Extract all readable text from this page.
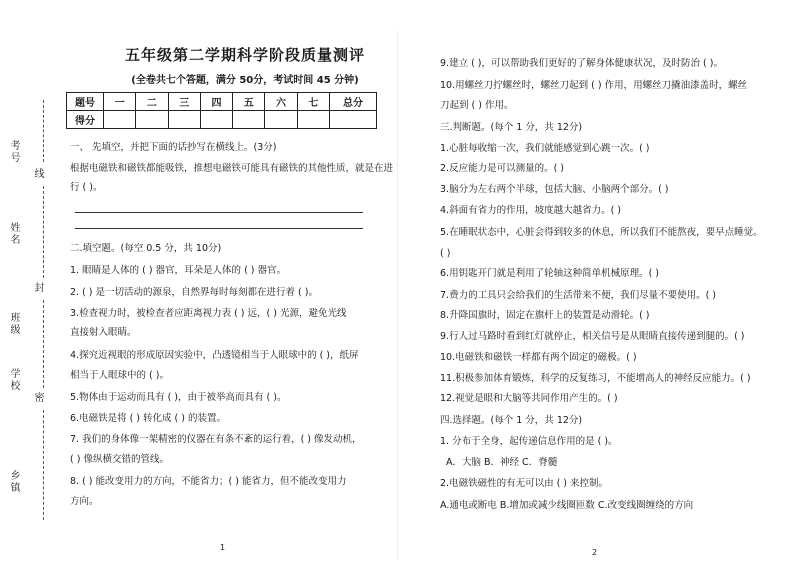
考号
线
姓名
封
班级
学校
密
乡镇
五年级第二学期科学阶段质量测评
(全卷共七个答题，满分 50分，考试时间 45 分钟)
题号	一	二	三	四	五	六	七	总分
得分								
一、 先填空，并把下面的话抄写在横线上。(3分)
根据电磁铁和磁铁都能吸铁，推想电磁铁可能具有磁铁的其他性质，就是在进
行 ( )。
二.填空题。(每空 0.5 分，共 10分)
1. 眼睛是人体的 ( ) 器官，耳朵是人体的 ( ) 器官。
2. ( ) 是一切活动的源泉，自然界每时每刻都在进行着 ( )。
3.检查视力时，被检查者应距离视力表 ( ) 远，( ) 光源，避免光线
直接射入眼睛。
4.探究近视眼的形成原因实验中，凸透镜相当于人眼球中的 ( )，纸屏
相当于人眼球中的 ( )。
5.物体由于运动而具有 ( )，由于被举高而具有 ( )。
6.电磁铁是将 ( ) 转化成 ( ) 的装置。
7. 我们的身体像一架精密的仪器在有条不紊的运行着，( ) 像发动机，
( ) 像纵横交错的管线。
8. ( ) 能改变用力的方向，不能省力；( ) 能省力，但不能改变用力
方向。
1
9.建立 ( )，可以帮助我们更好的了解身体健康状况，及时防治 ( )。
10.用螺丝刀拧螺丝时，螺丝刀起到 ( ) 作用，用螺丝刀撬油漆盖时，螺丝
刀起到 ( ) 作用。
三.判断题。(每个 1 分，共 12分)
1.心脏每收缩一次，我们就能感觉到心跳一次。( )
2.反应能力是可以测量的。( )
3.脑分为左右两个半球，包括大脑、小脑两个部分。( )
4.斜面有省力的作用，坡度越大越省力。( )
5.在睡眠状态中，心脏会得到较多的休息，所以我们不能熬夜，要早点睡觉。
( )
6.用钥匙开门就是利用了轮轴这种简单机械原理。( )
7.费力的工具只会给我们的生活带来不便，我们尽量不要使用。( )
8.升降国旗时，固定在旗杆上的装置是动滑轮。( )
9.行人过马路时看到红灯就停止，相关信号是从眼睛直接传递到腿的。( )
10.电磁铁和磁铁一样都有两个固定的磁极。( )
11.积极参加体育锻炼，科学的反复练习，不能增高人的神经反应能力。( )
12.视觉是眼和大脑等共同作用产生的。( )
四.选择题。(每个 1 分，共 12分)
1. 分布于全身，起传递信息作用的是 ( )。
A．大脑 B．神经 C．脊髓
2.电磁铁磁性的有无可以由 ( ) 来控制。
A.通电或断电 B.增加或减少线圈匝数 C.改变线圈缠绕的方向
2
